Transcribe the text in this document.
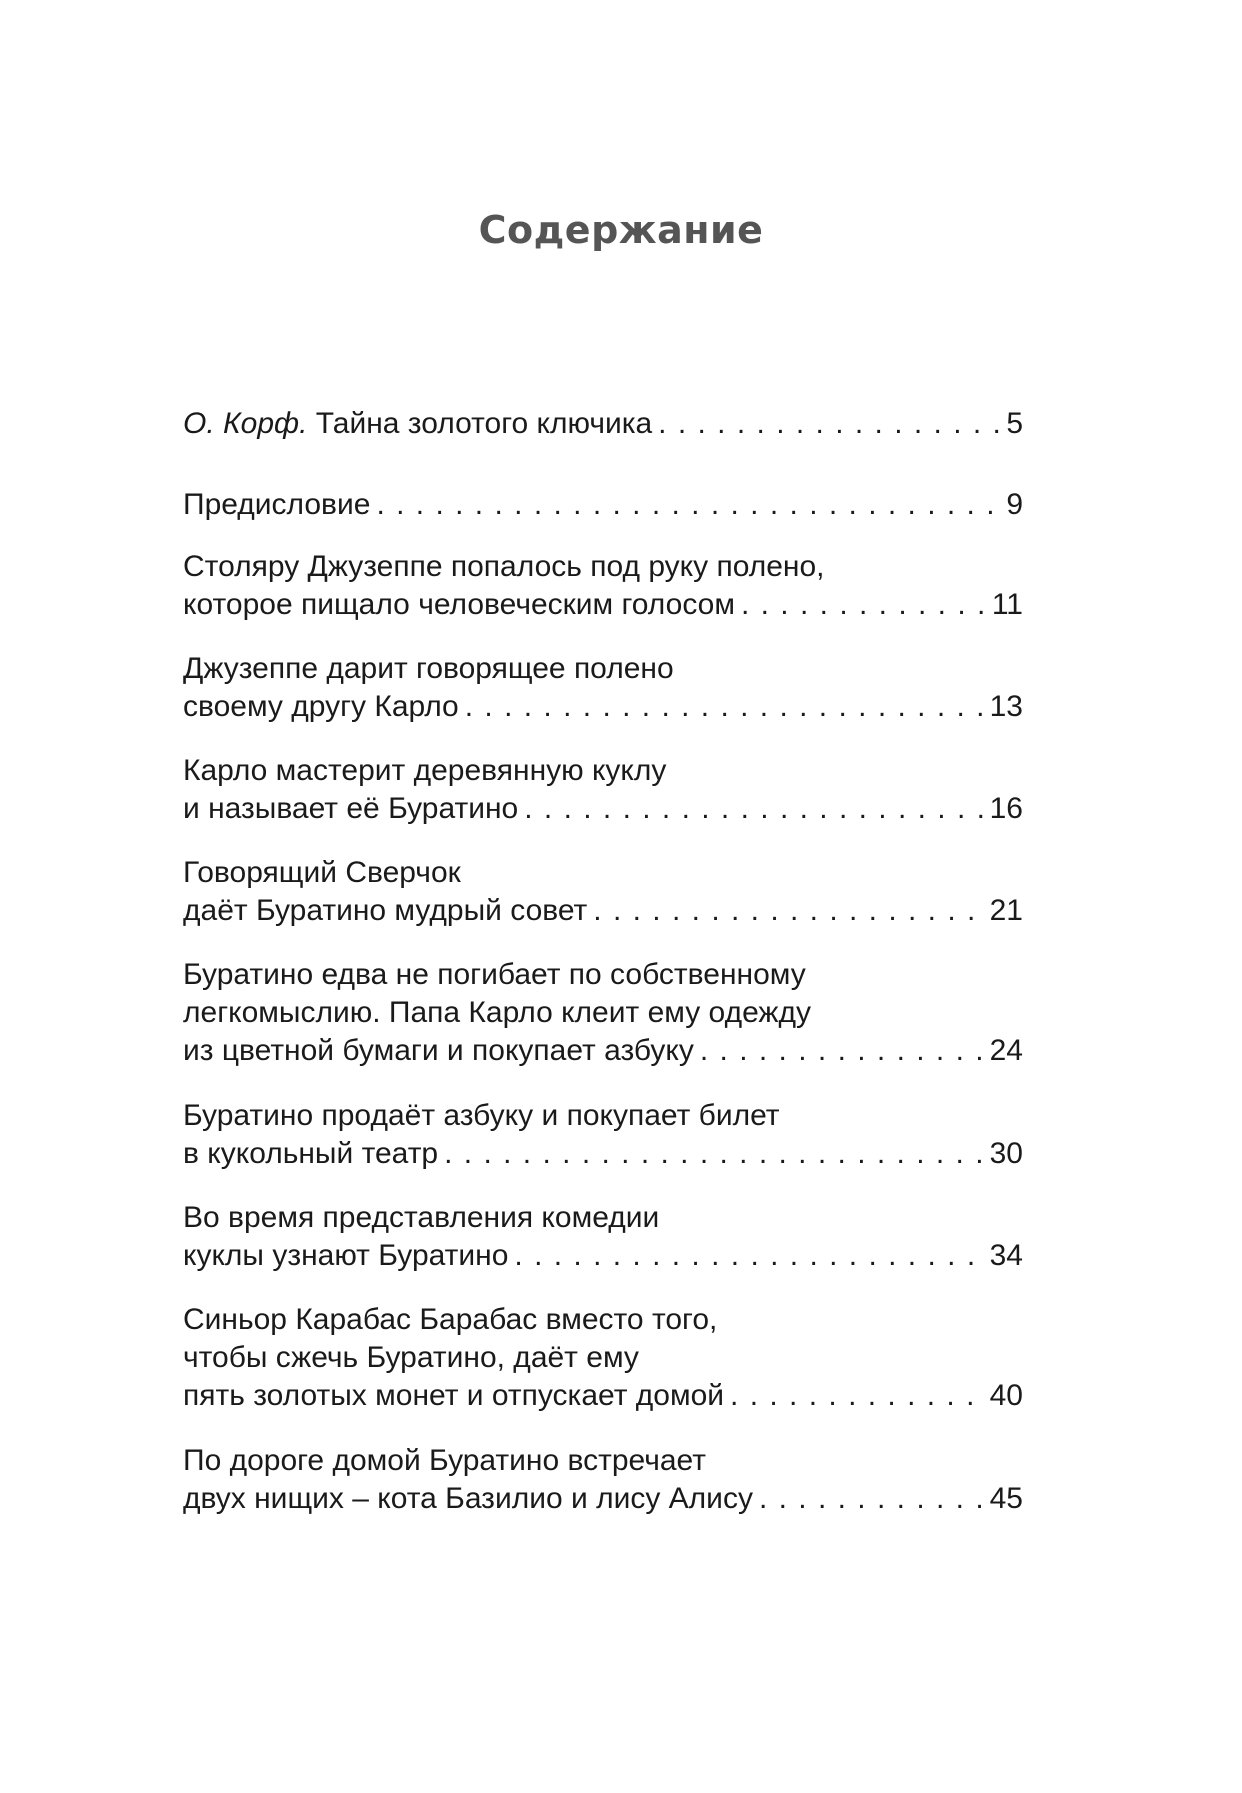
Содержание
О. Корф. Тайна золотого ключика . . .	5
Предисловие . . .	9
Столяру Джузеппе попалось под руку полено,
которое пищало человеческим голосом . . .	11
Джузеппе дарит говорящее полено
своему другу Карло . . .	13
Карло мастерит деревянную куклу
и называет её Буратино . . .	16
Говорящий Сверчок
даёт Буратино мудрый совет . . .	21
Буратино едва не погибает по собственному
легкомыслию. Папа Карло клеит ему одежду
из цветной бумаги и покупает азбуку . . .	24
Буратино продаёт азбуку и покупает билет
в кукольный театр . . .	30
Во время представления комедии
куклы узнают Буратино . . .	34
Синьор Карабас Барабас вместо того,
чтобы сжечь Буратино, даёт ему
пять золотых монет и отпускает домой . . .	40
По дороге домой Буратино встречает
двух нищих – кота Базилио и лису Алису . . .	45
